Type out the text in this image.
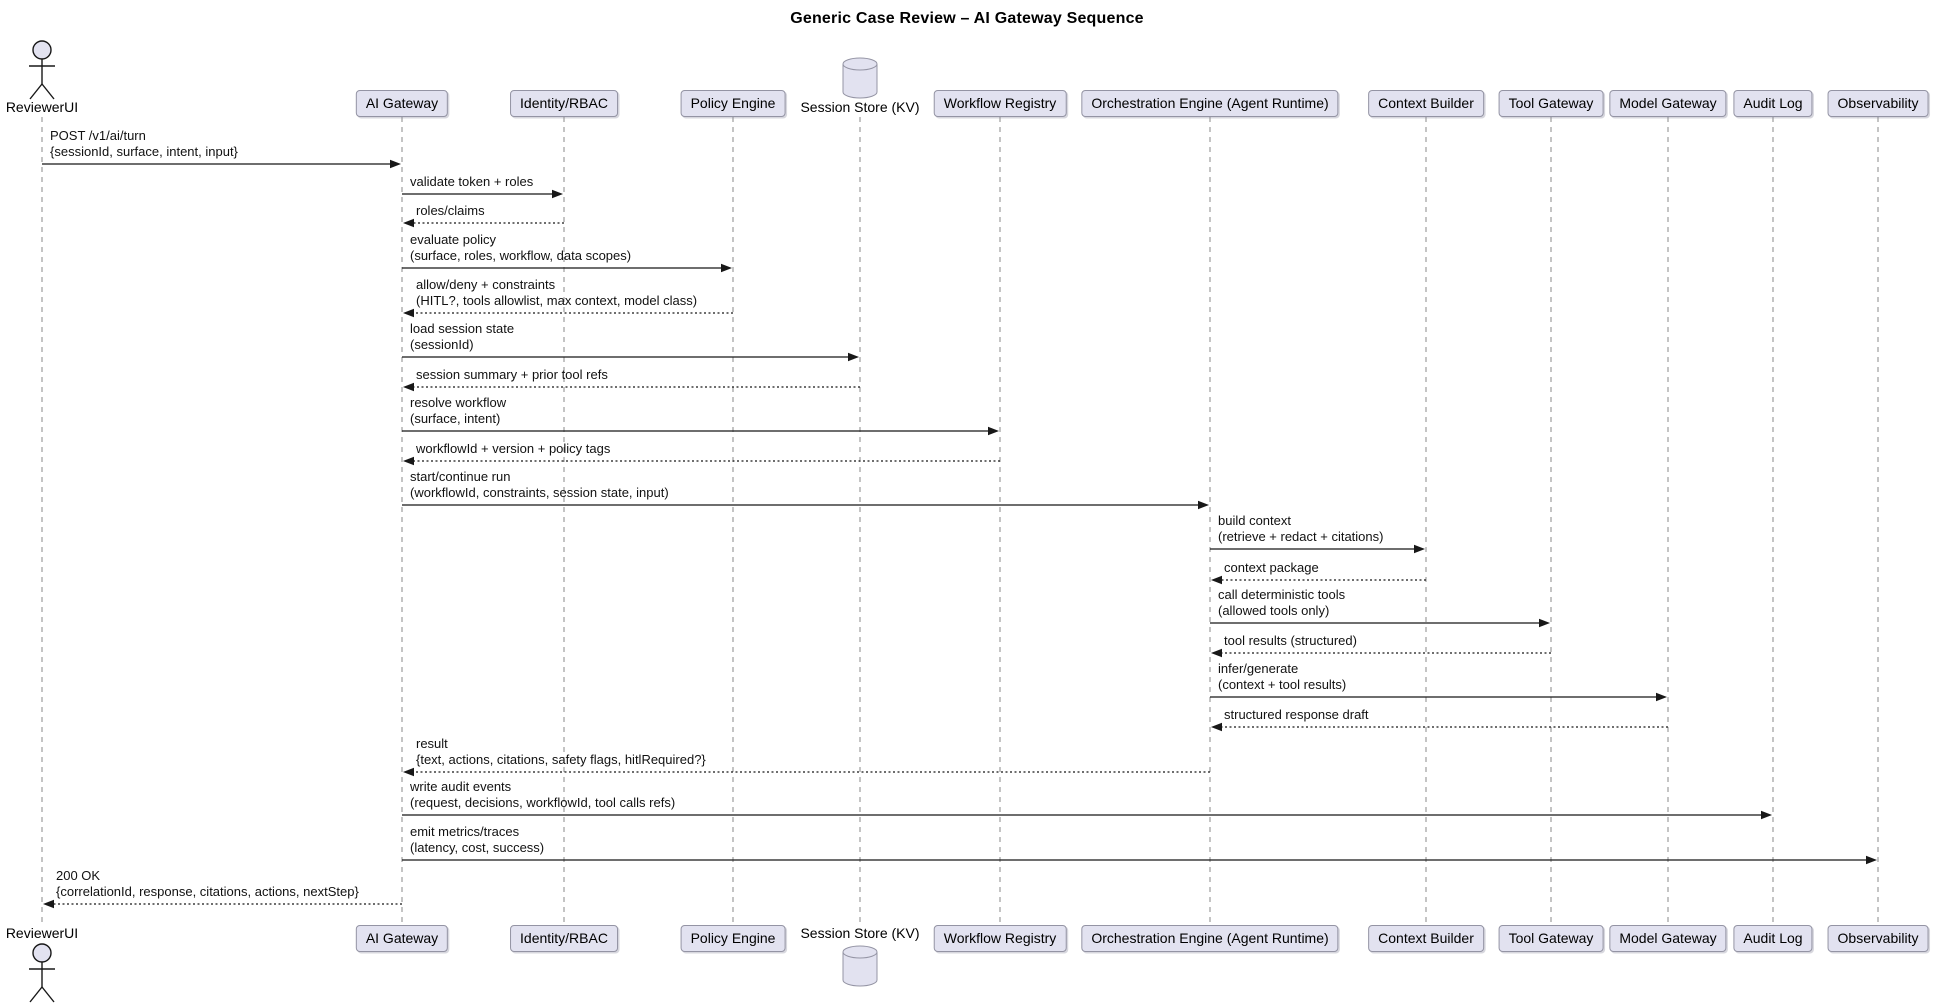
Generic Case Review – AI Gateway Sequence
ReviewerUI
ReviewerUI
AI Gateway
AI Gateway
Identity/RBAC
Identity/RBAC
Policy Engine
Policy Engine
Session Store (KV)
Session Store (KV)
Workflow Registry
Workflow Registry
Orchestration Engine (Agent Runtime)
Orchestration Engine (Agent Runtime)
Context Builder
Context Builder
Tool Gateway
Tool Gateway
Model Gateway
Model Gateway
Audit Log
Audit Log
Observability
Observability
POST /v1/ai/turn
{sessionId, surface, intent, input}
validate token + roles
roles/claims
evaluate policy
(surface, roles, workflow, data scopes)
allow/deny + constraints
(HITL?, tools allowlist, max context, model class)
load session state
(sessionId)
session summary + prior tool refs
resolve workflow
(surface, intent)
workflowId + version + policy tags
start/continue run
(workflowId, constraints, session state, input)
build context
(retrieve + redact + citations)
context package
call deterministic tools
(allowed tools only)
tool results (structured)
infer/generate
(context + tool results)
structured response draft
result
{text, actions, citations, safety flags, hitlRequired?}
write audit events
(request, decisions, workflowId, tool calls refs)
emit metrics/traces
(latency, cost, success)
200 OK
{correlationId, response, citations, actions, nextStep}
